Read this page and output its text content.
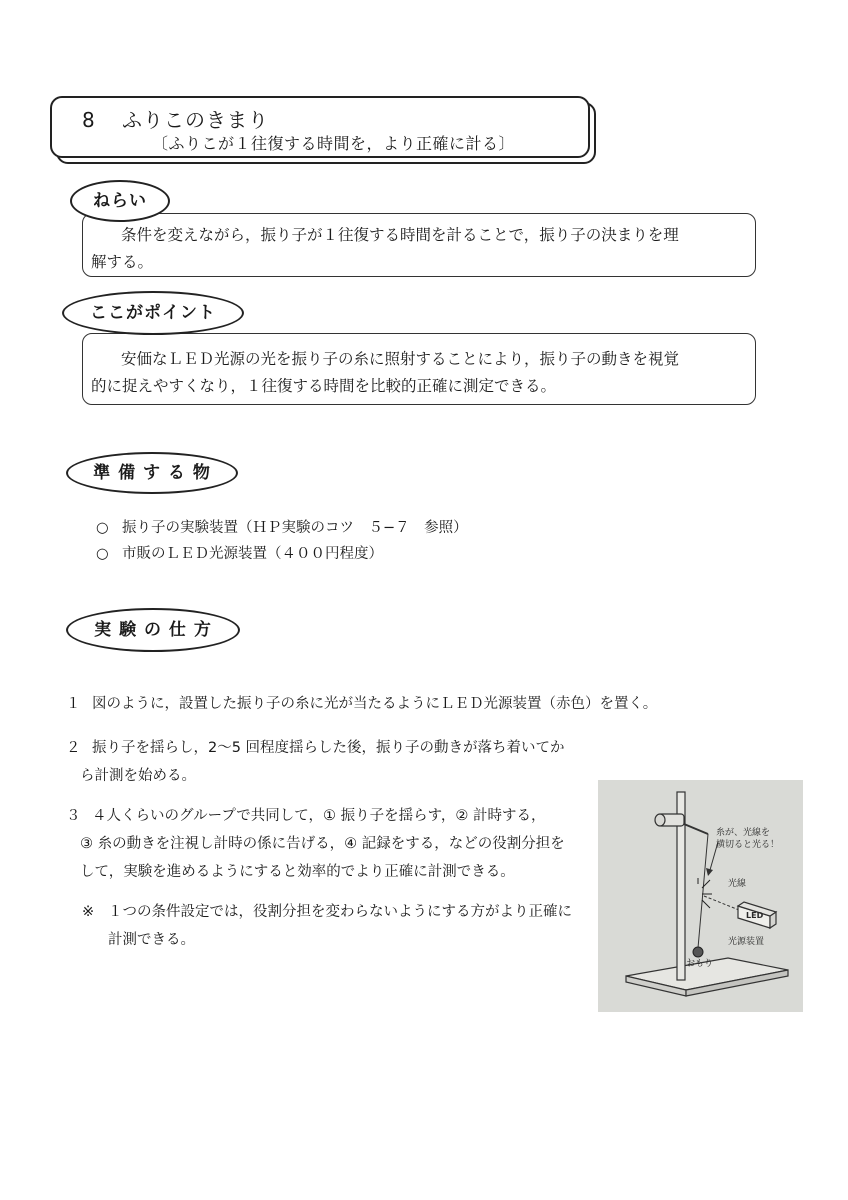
8 ふりこのきまり
〔ふりこが１往復する時間を，より正確に計る〕
条件を変えながら，振り子が１往復する時間を計ることで，振り子の決まりを理
解する。
ねらい
安価なＬＥＤ光源の光を振り子の糸に照射することにより，振り子の動きを視覚
的に捉えやすくなり，１往復する時間を比較的正確に測定できる。
ここがポイント
準 備 す る 物
○ 振り子の実験装置（ＨＰ実験のコツ　５−７　参照）
○ 市販のＬＥＤ光源装置（４００円程度）
実 験 の 仕 方
１ 図のように，設置した振り子の糸に光が当たるようにＬＥＤ光源装置（赤色）を置く。
２ 振り子を揺らし，2〜5 回程度揺らした後，振り子の動きが落ち着いてか
ら計測を始める。
３ ４人くらいのグループで共同して，① 振り子を揺らす，② 計時する，
③ 糸の動きを注視し計時の係に告げる，④ 記録をする，などの役割分担を
して，実験を進めるようにすると効率的でより正確に計測できる。
※ １つの条件設定では，役割分担を変わらないようにする方がより正確に
計測できる。
糸が、光線を
横切ると光る！
光線
LED
光源装置
おもり
